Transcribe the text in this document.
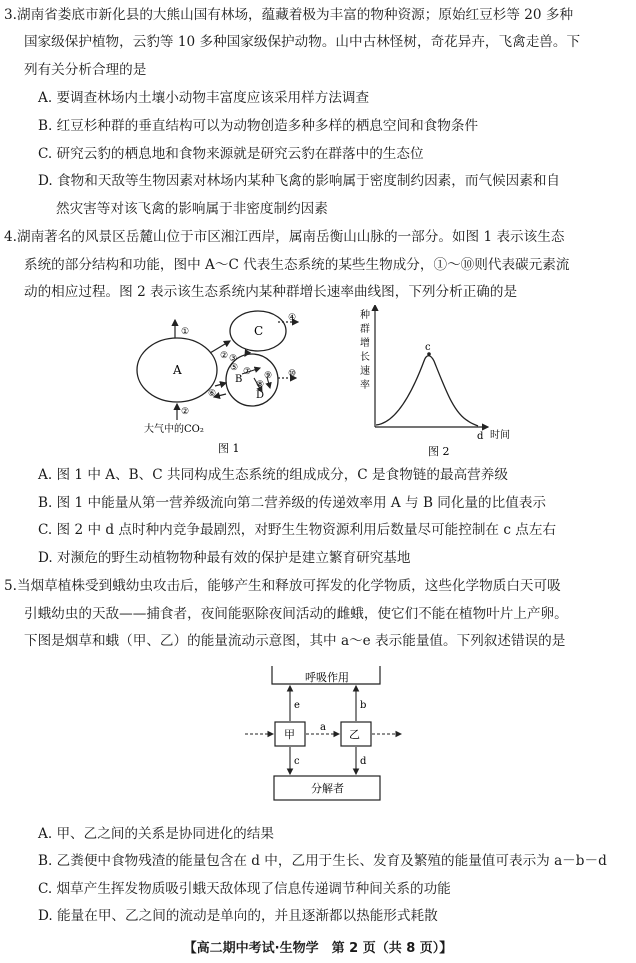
3.湖南省娄底市新化县的大熊山国有林场，蕴藏着极为丰富的物种资源；原始红豆杉等 20 多种
国家级保护植物，云豹等 10 多种国家级保护动物。山中古林怪树，奇花异卉，飞禽走兽。下
列有关分析合理的是
A. 要调查林场内土壤小动物丰富度应该采用样方法调查
B. 红豆杉种群的垂直结构可以为动物创造多种多样的栖息空间和食物条件
C. 研究云豹的栖息地和食物来源就是研究云豹在群落中的生态位
D. 食物和天敌等生物因素对林场内某种飞禽的影响属于密度制约因素，而气候因素和自
然灾害等对该飞禽的影响属于非密度制约因素
4.湖南著名的风景区岳麓山位于市区湘江西岸，属南岳衡山山脉的一部分。如图 1 表示该生态
系统的部分结构和功能，图中 A～C 代表生态系统的某些生物成分，①～⑩则代表碳元素流
动的相应过程。图 2 表示该生态系统内某种群增长速率曲线图，下列分析正确的是
A
C
B
D
①
② ③
④
⑤
⑥
⑦
⑧
⑨ ⑩
②
大气中的CO₂
图 1
种
群
增
长
速
率
c
d 时间
图 2
A. 图 1 中 A、B、C 共同构成生态系统的组成成分，C 是食物链的最高营养级
B. 图 1 中能量从第一营养级流向第二营养级的传递效率用 A 与 B 同化量的比值表示
C. 图 2 中 d 点时种内竞争最剧烈，对野生生物资源利用后数量尽可能控制在 c 点左右
D. 对濒危的野生动植物物种最有效的保护是建立繁育研究基地
5.当烟草植株受到蛾幼虫攻击后，能够产生和释放可挥发的化学物质，这些化学物质白天可吸
引蛾幼虫的天敌——捕食者，夜间能驱除夜间活动的雌蛾，使它们不能在植物叶片上产卵。
下图是烟草和蛾（甲、乙）的能量流动示意图，其中 a～e 表示能量值。下列叙述错误的是
呼吸作用
分解者
甲	乙
a
e	b
c	d
A. 甲、乙之间的关系是协同进化的结果
B. 乙粪便中食物残渣的能量包含在 d 中，乙用于生长、发育及繁殖的能量值可表示为 a－b－d
C. 烟草产生挥发物质吸引蛾天敌体现了信息传递调节种间关系的功能
D. 能量在甲、乙之间的流动是单向的，并且逐渐都以热能形式耗散
【高二期中考试·生物学　第 2 页（共 8 页）】
